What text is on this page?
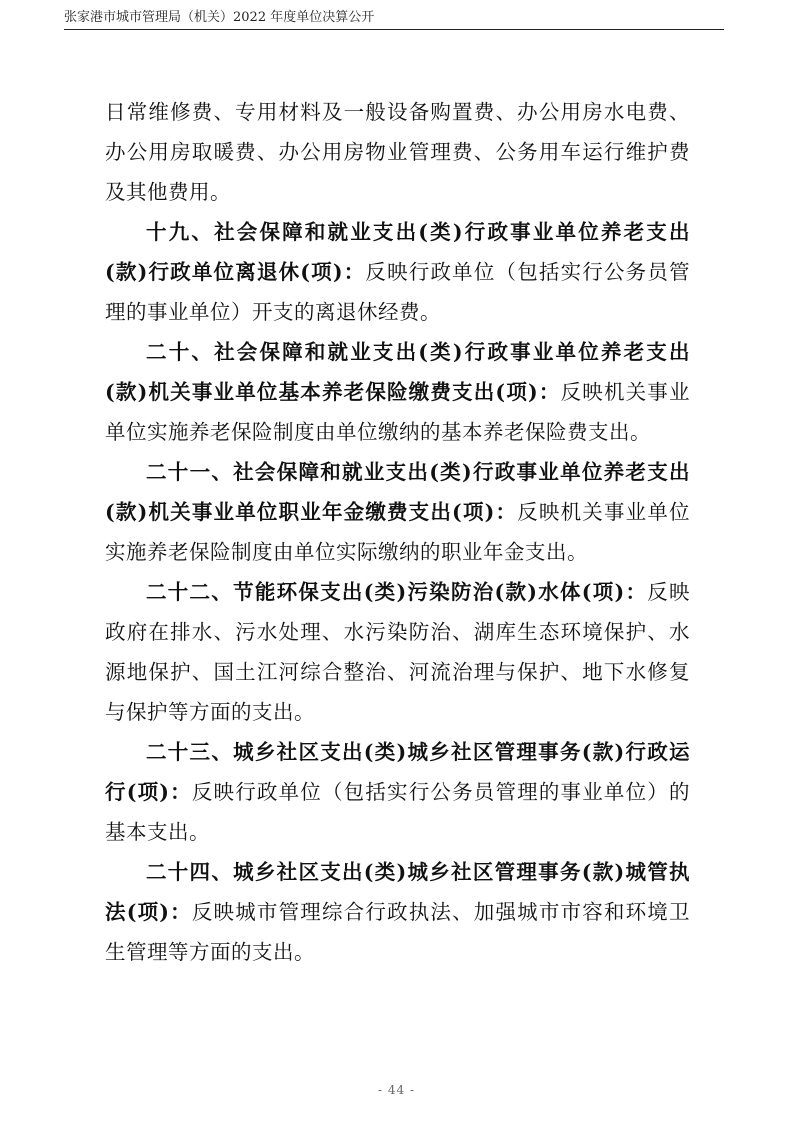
张家港市城市管理局（机关）2022 年度单位决算公开

日常维修费、专用材料及一般设备购置费、办公用房水电费、办公用房取暖费、办公用房物业管理费、公务用车运行维护费及其他费用。

十九、社会保障和就业支出(类)行政事业单位养老支出(款)行政单位离退休(项)：反映行政单位（包括实行公务员管理的事业单位）开支的离退休经费。

二十、社会保障和就业支出(类)行政事业单位养老支出(款)机关事业单位基本养老保险缴费支出(项)：反映机关事业单位实施养老保险制度由单位缴纳的基本养老保险费支出。

二十一、社会保障和就业支出(类)行政事业单位养老支出(款)机关事业单位职业年金缴费支出(项)：反映机关事业单位实施养老保险制度由单位实际缴纳的职业年金支出。

二十二、节能环保支出(类)污染防治(款)水体(项)：反映政府在排水、污水处理、水污染防治、湖库生态环境保护、水源地保护、国土江河综合整治、河流治理与保护、地下水修复与保护等方面的支出。

二十三、城乡社区支出(类)城乡社区管理事务(款)行政运行(项)：反映行政单位（包括实行公务员管理的事业单位）的基本支出。

二十四、城乡社区支出(类)城乡社区管理事务(款)城管执法(项)：反映城市管理综合行政执法、加强城市市容和环境卫生管理等方面的支出。

- 44 -
